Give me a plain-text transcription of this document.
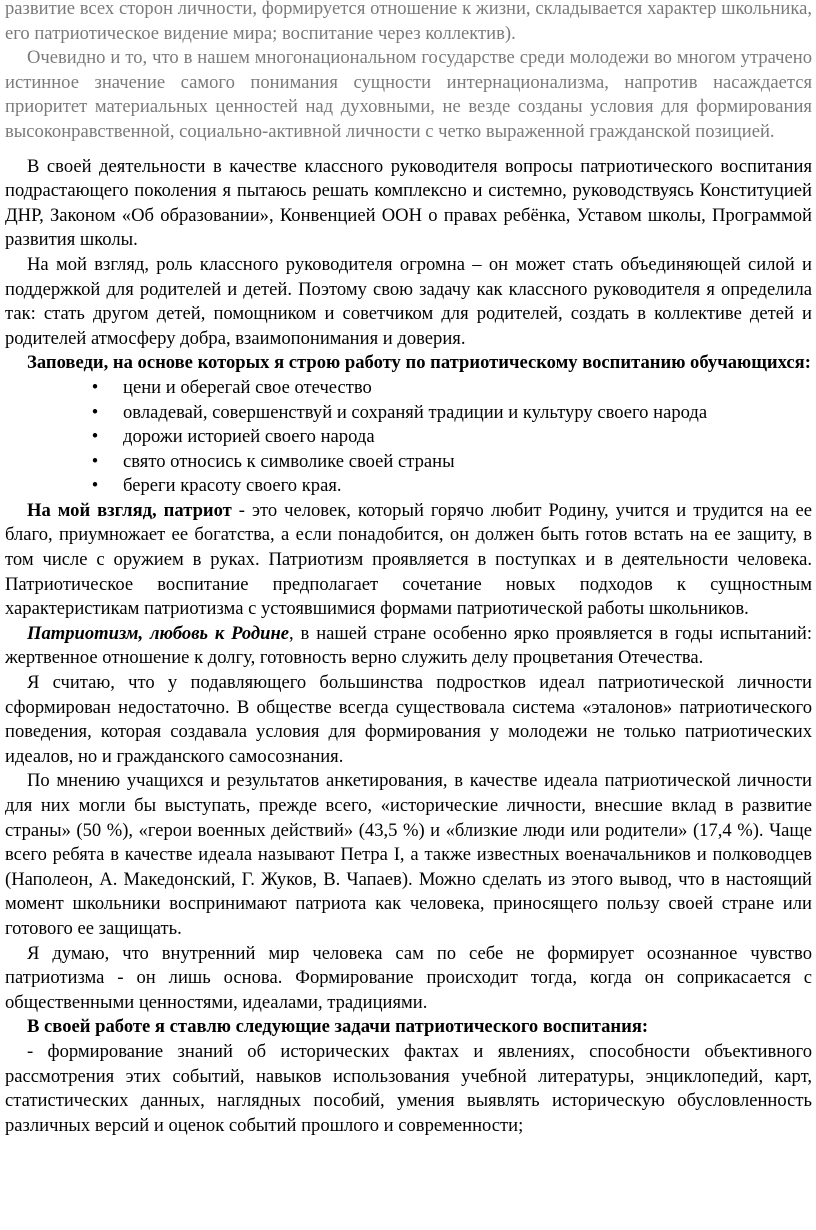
развитие всех сторон личности, формируется отношение к жизни, складывается характер школьника, его патриотическое видение мира; воспитание через коллектив).

Очевидно и то, что в нашем многонациональном государстве среди молодежи во многом утрачено истинное значение самого понимания сущности интернационализма, напротив насаждается приоритет материальных ценностей над духовными, не везде созданы условия для формирования высоконравственной, социально-активной личности с четко выраженной гражданской позицией.

В своей деятельности в качестве классного руководителя вопросы патриотического воспитания подрастающего поколения я пытаюсь решать комплексно и системно, руководствуясь Конституцией ДНР, Законом «Об образовании», Конвенцией ООН о правах ребёнка, Уставом школы, Программой развития школы.

На мой взгляд, роль классного руководителя огромна – он может стать объединяющей силой и поддержкой для родителей и детей. Поэтому свою задачу как классного руководителя я определила так: стать другом детей, помощником и советчиком для родителей, создать в коллективе детей и родителей атмосферу добра, взаимопонимания и доверия.

Заповеди, на основе которых я строю работу по патриотическому воспитанию обучающихся:

•	цени и оберегай свое отечество
•	овладевай, совершенствуй и сохраняй традиции и культуру своего народа
•	дорожи историей своего народа
•	свято относись к символике своей страны
•	береги красоту своего края.

На мой взгляд, патриот - это человек, который горячо любит Родину, учится и трудится на ее благо, приумножает ее богатства, а если понадобится, он должен быть готов встать на ее защиту, в том числе с оружием в руках. Патриотизм проявляется в поступках и в деятельности человека. Патриотическое воспитание предполагает сочетание новых подходов к сущностным характеристикам патриотизма с устоявшимися формами патриотической работы школьников.

Патриотизм, любовь к Родине, в нашей стране особенно ярко проявляется в годы испытаний: жертвенное отношение к долгу, готовность верно служить делу процветания Отечества.

Я считаю, что у подавляющего большинства подростков идеал патриотической личности сформирован недостаточно. В обществе всегда существовала система «эталонов» патриотического поведения, которая создавала условия для формирования у молодежи не только патриотических идеалов, но и гражданского самосознания.

По мнению учащихся и результатов анкетирования, в качестве идеала патриотической личности для них могли бы выступать, прежде всего, «исторические личности, внесшие вклад в развитие страны» (50 %), «герои военных действий» (43,5 %) и «близкие люди или родители» (17,4 %). Чаще всего ребята в качестве идеала называют Петра I, а также известных военачальников и полководцев (Наполеон, А. Македонский, Г. Жуков, В. Чапаев). Можно сделать из этого вывод, что в настоящий момент школьники воспринимают патриота как человека, приносящего пользу своей стране или готового ее защищать.

Я думаю, что внутренний мир человека сам по себе не формирует осознанное чувство патриотизма - он лишь основа. Формирование происходит тогда, когда он соприкасается с общественными ценностями, идеалами, традициями.

В своей работе я ставлю следующие задачи патриотического воспитания:

- формирование знаний об исторических фактах и явлениях, способности объективного рассмотрения этих событий, навыков использования учебной литературы, энциклопедий, карт, статистических данных, наглядных пособий, умения выявлять историческую обусловленность различных версий и оценок событий прошлого и современности;
